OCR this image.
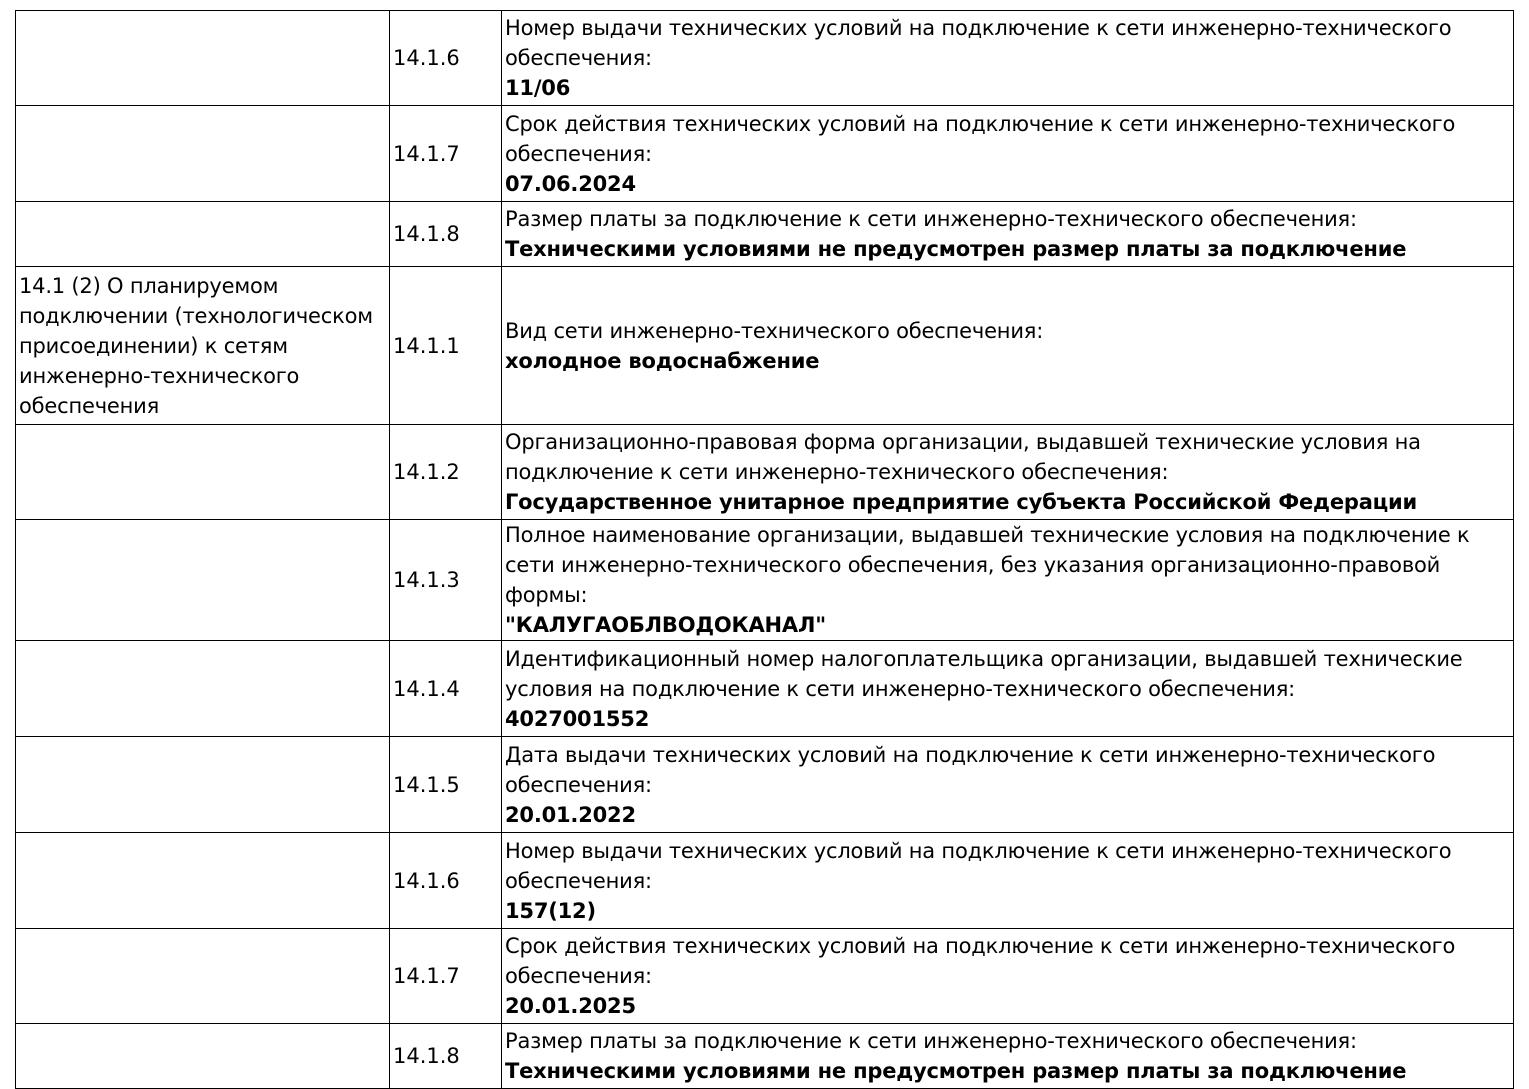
	14.1.6	Номер выдачи технических условий на подключение к сети инженерно-технического обеспечения:
11/06

	14.1.7	Срок действия технических условий на подключение к сети инженерно-технического обеспечения:
07.06.2024

	14.1.8	Размер платы за подключение к сети инженерно-технического обеспечения:
Техническими условиями не предусмотрен размер платы за подключение

14.1 (2) О планируемом подключении (технологическом присоединении) к сетям инженерно-технического обеспечения	14.1.1	Вид сети инженерно-технического обеспечения:
холодное водоснабжение

	14.1.2	Организационно-правовая форма организации, выдавшей технические условия на подключение к сети инженерно-технического обеспечения:
Государственное унитарное предприятие субъекта Российской Федерации

	14.1.3	Полное наименование организации, выдавшей технические условия на подключение к сети инженерно-технического обеспечения, без указания организационно-правовой формы:
"КАЛУГАОБЛВОДОКАНАЛ"

	14.1.4	Идентификационный номер налогоплательщика организации, выдавшей технические условия на подключение к сети инженерно-технического обеспечения:
4027001552

	14.1.5	Дата выдачи технических условий на подключение к сети инженерно-технического обеспечения:
20.01.2022

	14.1.6	Номер выдачи технических условий на подключение к сети инженерно-технического обеспечения:
157(12)

	14.1.7	Срок действия технических условий на подключение к сети инженерно-технического обеспечения:
20.01.2025

	14.1.8	Размер платы за подключение к сети инженерно-технического обеспечения:
Техническими условиями не предусмотрен размер платы за подключение
